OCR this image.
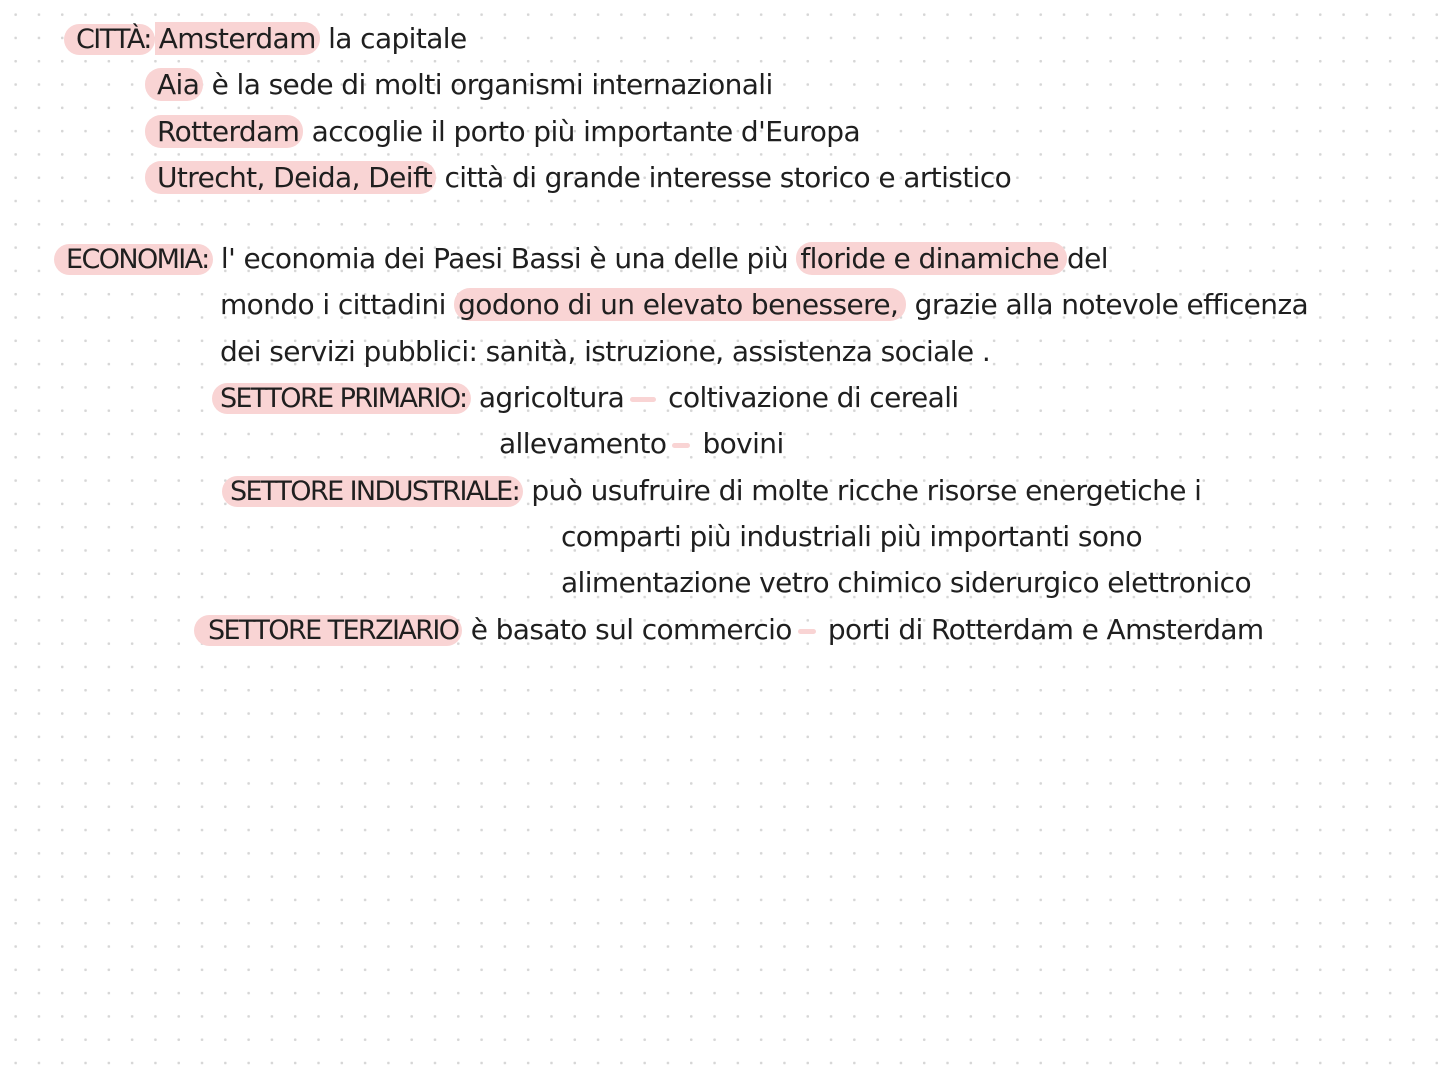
CITTÀ: Amsterdam la capitale
Aia è la sede di molti organismi internazionali
Rotterdam accoglie il porto più importante d'Europa
Utrecht, Deida, Deift città di grande interesse storico e artistico
ECONOMIA: l' economia dei Paesi Bassi è una delle più floride e dinamiche del
mondo i cittadini godono di un elevato benessere, grazie alla notevole efficenza
dei servizi pubblici: sanità, istruzione, assistenza sociale .
SETTORE PRIMARIO: agricoltura coltivazione di cereali
allevamento bovini
SETTORE INDUSTRIALE: può usufruire di molte ricche risorse energetiche i
comparti più industriali più importanti sono
alimentazione vetro chimico siderurgico elettronico
SETTORE TERZIARIO è basato sul commercio porti di Rotterdam e Amsterdam
